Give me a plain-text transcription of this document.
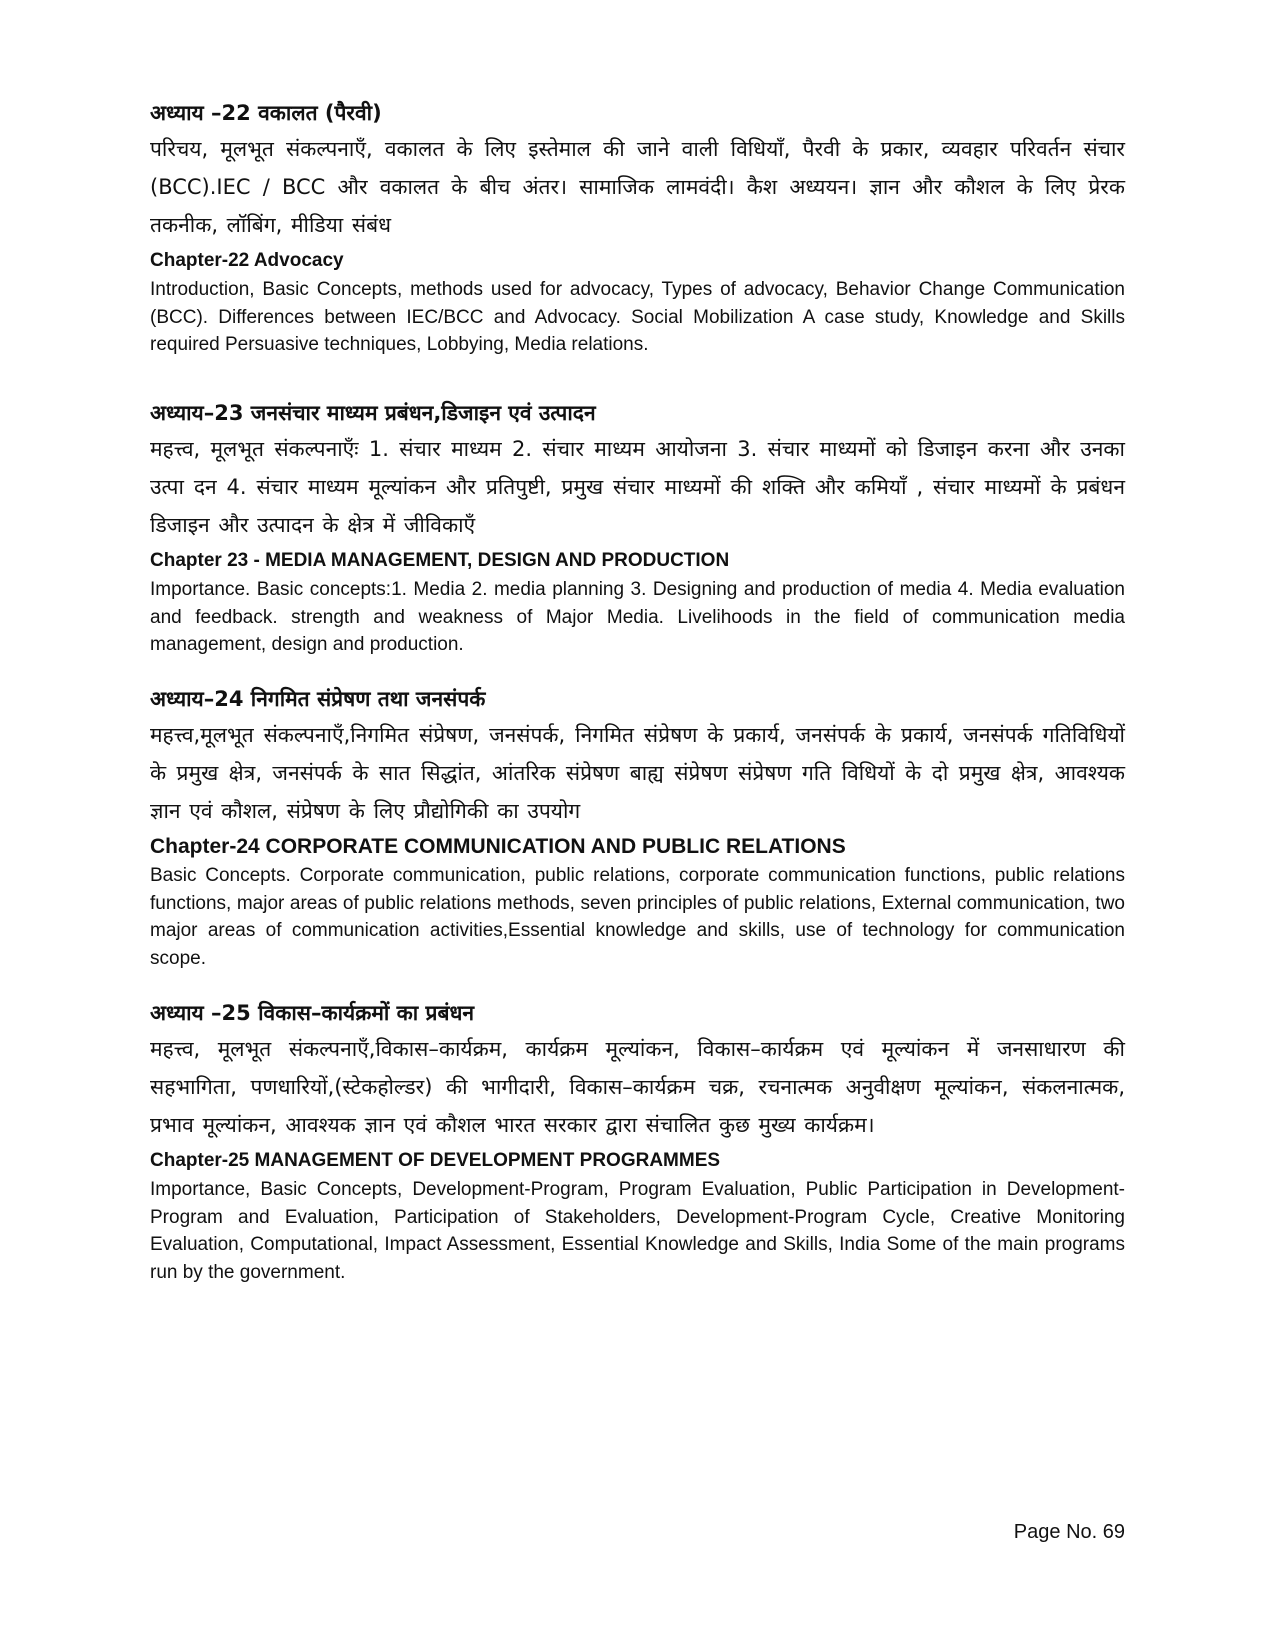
अध्याय –22 वकालत (पैरवी)

परिचय, मूलभूत संकल्पनाएँ, वकालत के लिए इस्तेमाल की जाने वाली विधियाँ, पैरवी के प्रकार, व्यवहार परिवर्तन संचार (BCC).IEC / BCC और वकालत के बीच अंतर। सामाजिक लामवंदी। कैश अध्ययन। ज्ञान और कौशल के लिए प्रेरक तकनीक, लॉबिंग, मीडिया संबंध

Chapter-22 Advocacy

Introduction, Basic Concepts, methods used for advocacy, Types of advocacy, Behavior Change Communication (BCC). Differences between IEC/BCC and Advocacy. Social Mobilization A case study, Knowledge and Skills required Persuasive techniques, Lobbying, Media relations.

अध्याय–23 जनसंचार माध्यम प्रबंधन,डिजाइन एवं उत्पादन

महत्त्व, मूलभूत संकल्पनाएँः 1. संचार माध्यम 2. संचार माध्यम आयोजना 3. संचार माध्यमों को डिजाइन करना और उनका उत्पा दन 4. संचार माध्यम मूल्यांकन और प्रतिपुष्टी, प्रमुख संचार माध्यमों की शक्ति और कमियाँ , संचार माध्यमों के प्रबंधन डिजाइन और उत्पादन के क्षेत्र में जीविकाएँ

Chapter 23 - MEDIA MANAGEMENT, DESIGN AND PRODUCTION

Importance. Basic concepts:1. Media 2. media planning 3. Designing and production of media 4. Media evaluation and feedback. strength and weakness of Major Media. Livelihoods in the field of communication media management, design and production.

अध्याय–24 निगमित संप्रेषण तथा जनसंपर्क

महत्त्व,मूलभूत संकल्पनाएँ,निगमित संप्रेषण, जनसंपर्क, निगमित संप्रेषण के प्रकार्य, जनसंपर्क के प्रकार्य, जनसंपर्क गतिविधियों के प्रमुख क्षेत्र, जनसंपर्क के सात सिद्धांत, आंतरिक संप्रेषण बाह्य संप्रेषण संप्रेषण गति विधियों के दो प्रमुख क्षेत्र, आवश्यक ज्ञान एवं कौशल, संप्रेषण के लिए प्रौद्योगिकी का उपयोग

Chapter-24 CORPORATE COMMUNICATION AND PUBLIC RELATIONS

Basic Concepts. Corporate communication, public relations, corporate communication functions, public relations functions, major areas of public relations methods, seven principles of public relations, External communication, two major areas of communication activities,Essential knowledge and skills, use of technology for communication scope.

अध्याय –25 विकास–कार्यक्रमों का प्रबंधन

महत्त्व, मूलभूत संकल्पनाएँ,विकास–कार्यक्रम, कार्यक्रम मूल्यांकन, विकास–कार्यक्रम एवं मूल्यांकन में जनसाधारण की सहभागिता, पणधारियों,(स्टेकहोल्डर) की भागीदारी, विकास–कार्यक्रम चक्र, रचनात्मक अनुवीक्षण मूल्यांकन, संकलनात्मक, प्रभाव मूल्यांकन, आवश्यक ज्ञान एवं कौशल भारत सरकार द्वारा संचालित कुछ मुख्य कार्यक्रम।

Chapter-25 MANAGEMENT OF DEVELOPMENT PROGRAMMES

Importance, Basic Concepts, Development-Program, Program Evaluation, Public Participation in Development-Program and Evaluation, Participation of Stakeholders, Development-Program Cycle, Creative Monitoring Evaluation, Computational, Impact Assessment, Essential Knowledge and Skills, India Some of the main programs run by the government.

Page No. 69
